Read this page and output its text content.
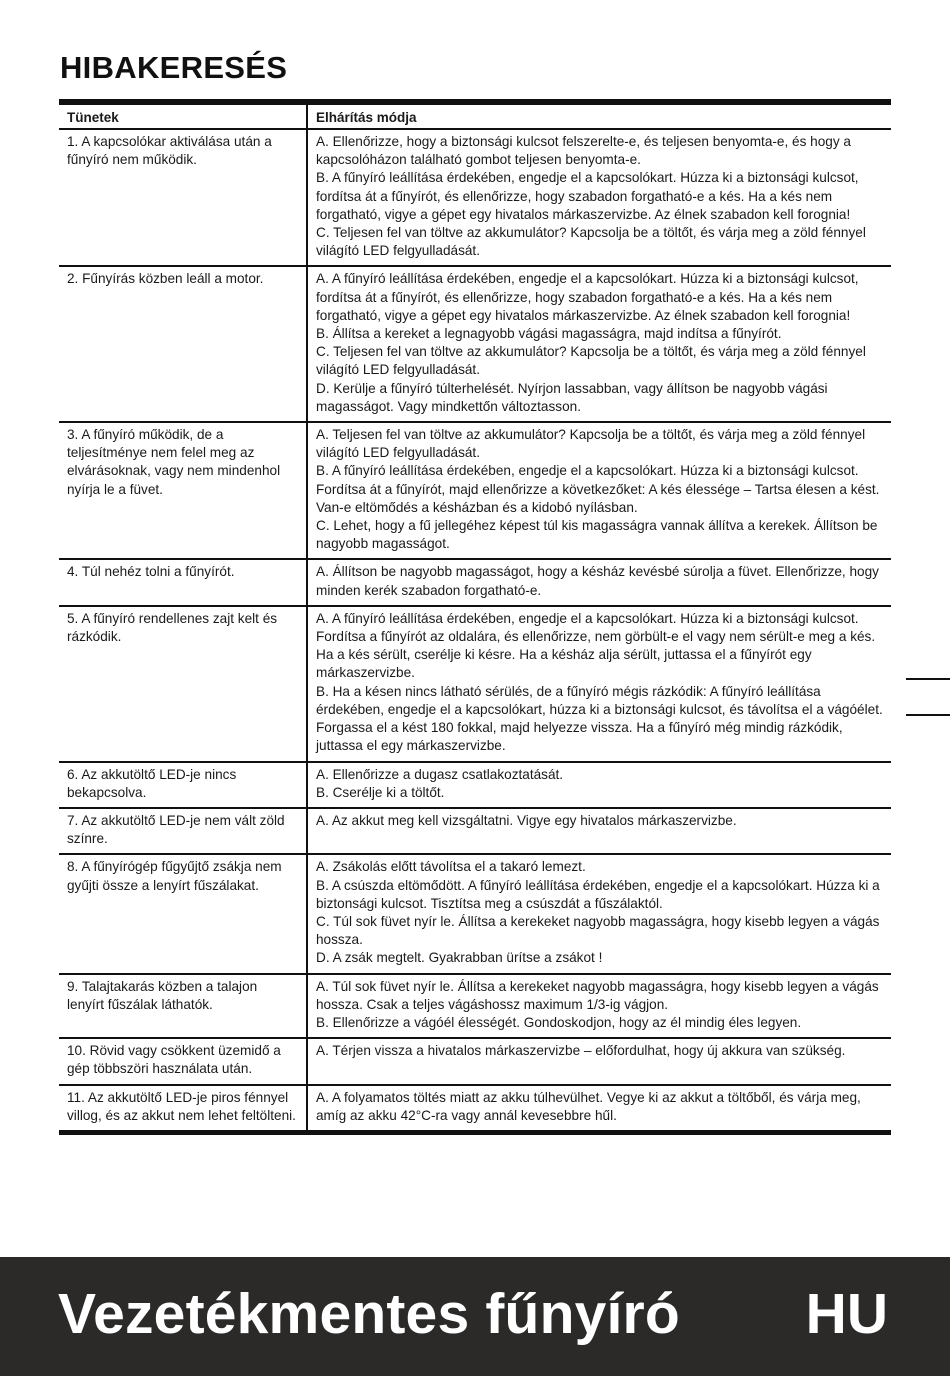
HIBAKERESÉS
Tünetek	Elhárítás módja
1. A kapcsolókar aktiválása után a fűnyíró nem működik.	A. Ellenőrizze, hogy a biztonsági kulcsot felszerelte-e, és teljesen benyomta-e, és hogy a kapcsolóházon található gombot teljesen benyomta-e.
B. A fűnyíró leállítása érdekében, engedje el a kapcsolókart. Húzza ki a biztonsági kulcsot, fordítsa át a fűnyírót, és ellenőrizze, hogy szabadon forgatható-e a kés. Ha a kés nem forgatható, vigye a gépet egy hivatalos márkaszervizbe. Az élnek szabadon kell forognia!
C. Teljesen fel van töltve az akkumulátor? Kapcsolja be a töltőt, és várja meg a zöld fénnyel világító LED felgyulladását.

2. Fűnyírás közben leáll a motor.	A. A fűnyíró leállítása érdekében, engedje el a kapcsolókart. Húzza ki a biztonsági kulcsot, fordítsa át a fűnyírót, és ellenőrizze, hogy szabadon forgatható-e a kés. Ha a kés nem forgatható, vigye a gépet egy hivatalos márkaszervizbe. Az élnek szabadon kell forognia!
B. Állítsa a kereket a legnagyobb vágási magasságra, majd indítsa a fűnyírót.
C. Teljesen fel van töltve az akkumulátor? Kapcsolja be a töltőt, és várja meg a zöld fénnyel világító LED felgyulladását.
D. Kerülje a fűnyíró túlterhelését. Nyírjon lassabban, vagy állítson be nagyobb vágási magasságot. Vagy mindkettőn változtasson.

3. A fűnyíró működik, de a teljesítménye nem felel meg az elvárásoknak, vagy nem mindenhol nyírja le a füvet.	A. Teljesen fel van töltve az akkumulátor? Kapcsolja be a töltőt, és várja meg a zöld fénnyel világító LED felgyulladását.
B. A fűnyíró leállítása érdekében, engedje el a kapcsolókart. Húzza ki a biztonsági kulcsot. Fordítsa át a fűnyírót, majd ellenőrizze a következőket: A kés élessége – Tartsa élesen a kést. Van-e eltömődés a késházban és a kidobó nyílásban.
C. Lehet, hogy a fű jellegéhez képest túl kis magasságra vannak állítva a kerekek. Állítson be nagyobb magasságot.

4. Túl nehéz tolni a fűnyírót.	A. Állítson be nagyobb magasságot, hogy a késház kevésbé súrolja a füvet. Ellenőrizze, hogy minden kerék szabadon forgatható-e.

5. A fűnyíró rendellenes zajt kelt és rázkódik.	A. A fűnyíró leállítása érdekében, engedje el a kapcsolókart. Húzza ki a biztonsági kulcsot. Fordítsa a fűnyírót az oldalára, és ellenőrizze, nem görbült-e el vagy nem sérült-e meg a kés. Ha a kés sérült, cserélje ki késre. Ha a késház alja sérült, juttassa el a fűnyírót egy márkaszervizbe.
B. Ha a késen nincs látható sérülés, de a fűnyíró mégis rázkódik: A fűnyíró leállítása érdekében, engedje el a kapcsolókart, húzza ki a biztonsági kulcsot, és távolítsa el a vágóélet. Forgassa el a kést 180 fokkal, majd helyezze vissza. Ha a fűnyíró még mindig rázkódik, juttassa el egy márkaszervizbe.

6. Az akkutöltő LED-je nincs bekapcsolva.	A. Ellenőrizze a dugasz csatlakoztatását.
B. Cserélje ki a töltőt.

7. Az akkutöltő LED-je nem vált zöld színre.	A. Az akkut meg kell vizsgáltatni. Vigye egy hivatalos márkaszervizbe.

8. A fűnyírógép fűgyűjtő zsákja nem gyűjti össze a lenyírt fűszálakat.	A. Zsákolás előtt távolítsa el a takaró lemezt.
B. A csúszda eltömődött. A fűnyíró leállítása érdekében, engedje el a kapcsolókart. Húzza ki a biztonsági kulcsot. Tisztítsa meg a csúszdát a fűszálaktól.
C. Túl sok füvet nyír le. Állítsa a kerekeket nagyobb magasságra, hogy kisebb legyen a vágás hossza.
D. A zsák megtelt. Gyakrabban ürítse a zsákot !

9. Talajtakarás közben a talajon lenyírt fűszálak láthatók.	A. Túl sok füvet nyír le. Állítsa a kerekeket nagyobb magasságra, hogy kisebb legyen a vágás hossza. Csak a teljes vágáshossz maximum 1/3-ig vágjon.
B. Ellenőrizze a vágóél élességét. Gondoskodjon, hogy az él mindig éles legyen.

10. Rövid vagy csökkent üzemidő a gép többszöri használata után.	A. Térjen vissza a hivatalos márkaszervizbe – előfordulhat, hogy új akkura van szükség.

11. Az akkutöltő LED-je piros fénnyel villog, és az akkut nem lehet feltölteni.	A. A folyamatos töltés miatt az akku túlhevülhet. Vegye ki az akkut a töltőből, és várja meg, amíg az akku 42°C-ra vagy annál kevesebbre hűl.
Vezetékmentes fűnyíró HU
